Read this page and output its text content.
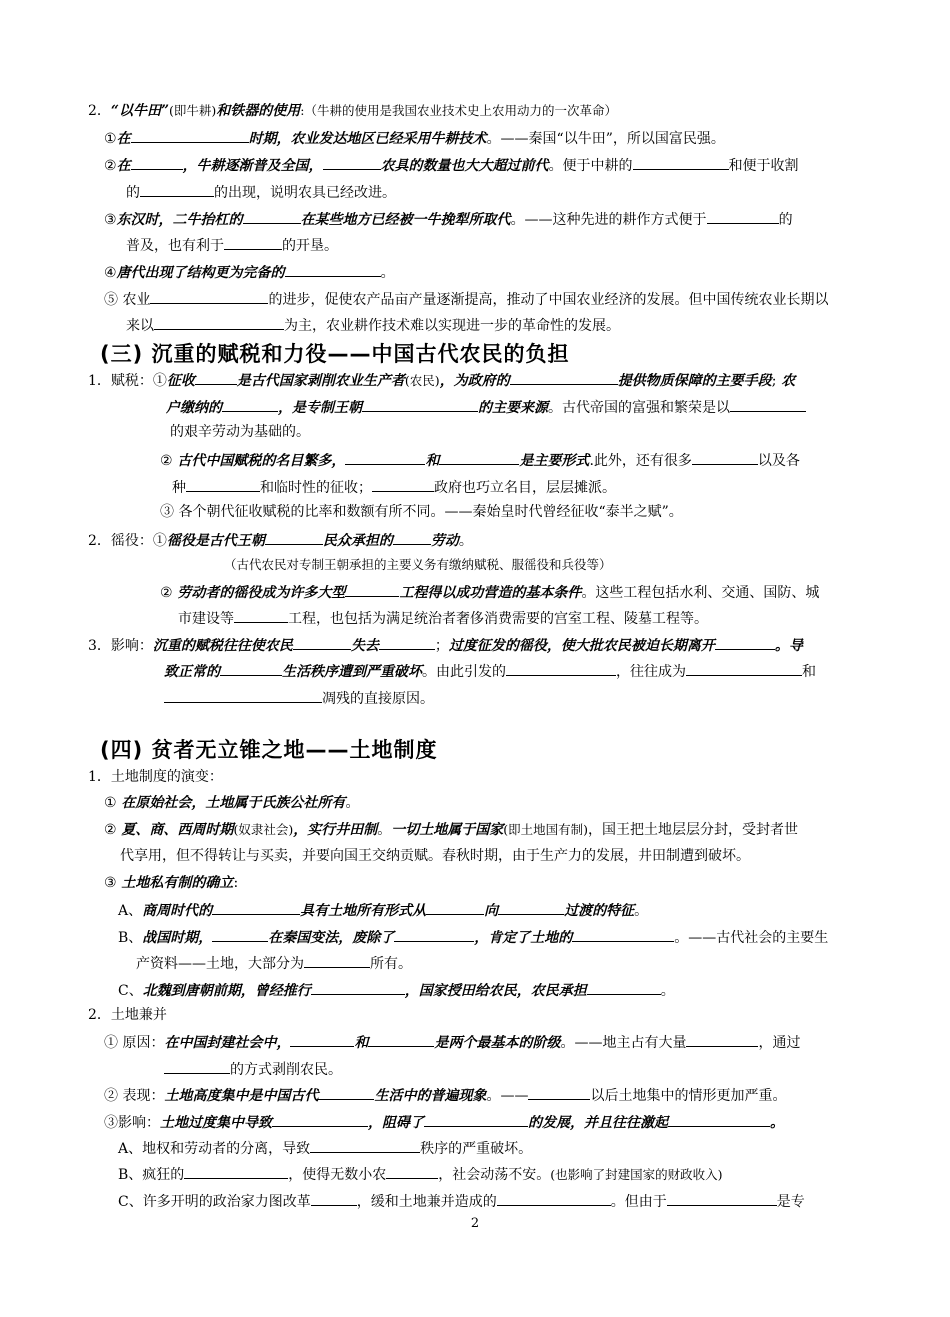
2．“以牛田”(即牛耕)和铁器的使用:（牛耕的使用是我国农业技术史上农用动力的一次革命）
①在	时期，农业发达地区已经采用牛耕技术。——秦国“以牛田”，所以国富民强。
②在	，牛耕逐渐普及全国，	农具的数量也大大超过前代。便于中耕的	和便于收割
的	的出现，说明农具已经改进。
③东汉时，二牛抬杠的	在某些地方已经被一牛挽犁所取代。——这种先进的耕作方式便于	的
普及，也有利于	的开垦。
④唐代出现了结构更为完备的	。
⑤ 农业	的进步，促使农产品亩产量逐渐提高，推动了中国农业经济的发展。但中国传统农业长期以
来以	为主，农业耕作技术难以实现进一步的革命性的发展。
(三) 沉重的赋税和力役——中国古代农民的负担
1．赋税：①征收	是古代国家剥削农业生产者(农民)，为政府的	提供物质保障的主要手段; 农
户缴纳的	，是专制王朝	的主要来源。古代帝国的富强和繁荣是以
的艰辛劳动为基础的。
② 古代中国赋税的名目繁多，	和	是主要形式.此外，还有很多	以及各
种	和临时性的征收；	政府也巧立名目，层层摊派。
③ 各个朝代征收赋税的比率和数额有所不同。——秦始皇时代曾经征收“泰半之赋”。
2．徭役：①徭役是古代王朝	民众承担的	劳动。
（古代农民对专制王朝承担的主要义务有缴纳赋税、服徭役和兵役等）
② 劳动者的徭役成为许多大型	工程得以成功营造的基本条件。这些工程包括水利、交通、国防、城
市建设等	工程，也包括为满足统治者奢侈消费需要的宫室工程、陵墓工程等。
3．影响：沉重的赋税往往使农民	失去	；过度征发的徭役，使大批农民被迫长期离开	。导
致正常的	生活秩序遭到严重破坏。由此引发的	，往往成为	和
凋残的直接原因。
(四) 贫者无立锥之地——土地制度
1．土地制度的演变：
① 在原始社会，土地属于氏族公社所有。
② 夏、商、西周时期(奴隶社会)，实行井田制。一切土地属于国家(即土地国有制)，国王把土地层层分封，受封者世
代享用，但不得转让与买卖，并要向国王交纳贡赋。春秋时期，由于生产力的发展，井田制遭到破坏。
③ 土地私有制的确立:
A、商周时代的	具有土地所有形式从	向	过渡的特征。
B、战国时期，	在秦国变法，废除了	，肯定了土地的	。——古代社会的主要生
产资料——土地，大部分为	所有。
C、北魏到唐朝前期，曾经推行	，国家授田给农民，农民承担	。
2．土地兼并
① 原因：在中国封建社会中，	和	是两个最基本的阶级。——地主占有大量	，通过
的方式剥削农民。
② 表现：土地高度集中是中国古代	生活中的普遍现象。——	以后土地集中的情形更加严重。
③影响：土地过度集中导致	，阻碍了	的发展，并且往往激起	。
A、地权和劳动者的分离，导致	秩序的严重破坏。
B、疯狂的	，使得无数小农	，社会动荡不安。(也影响了封建国家的财政收入)
C、许多开明的政治家力图改革	，缓和土地兼并造成的	。但由于	是专
2
